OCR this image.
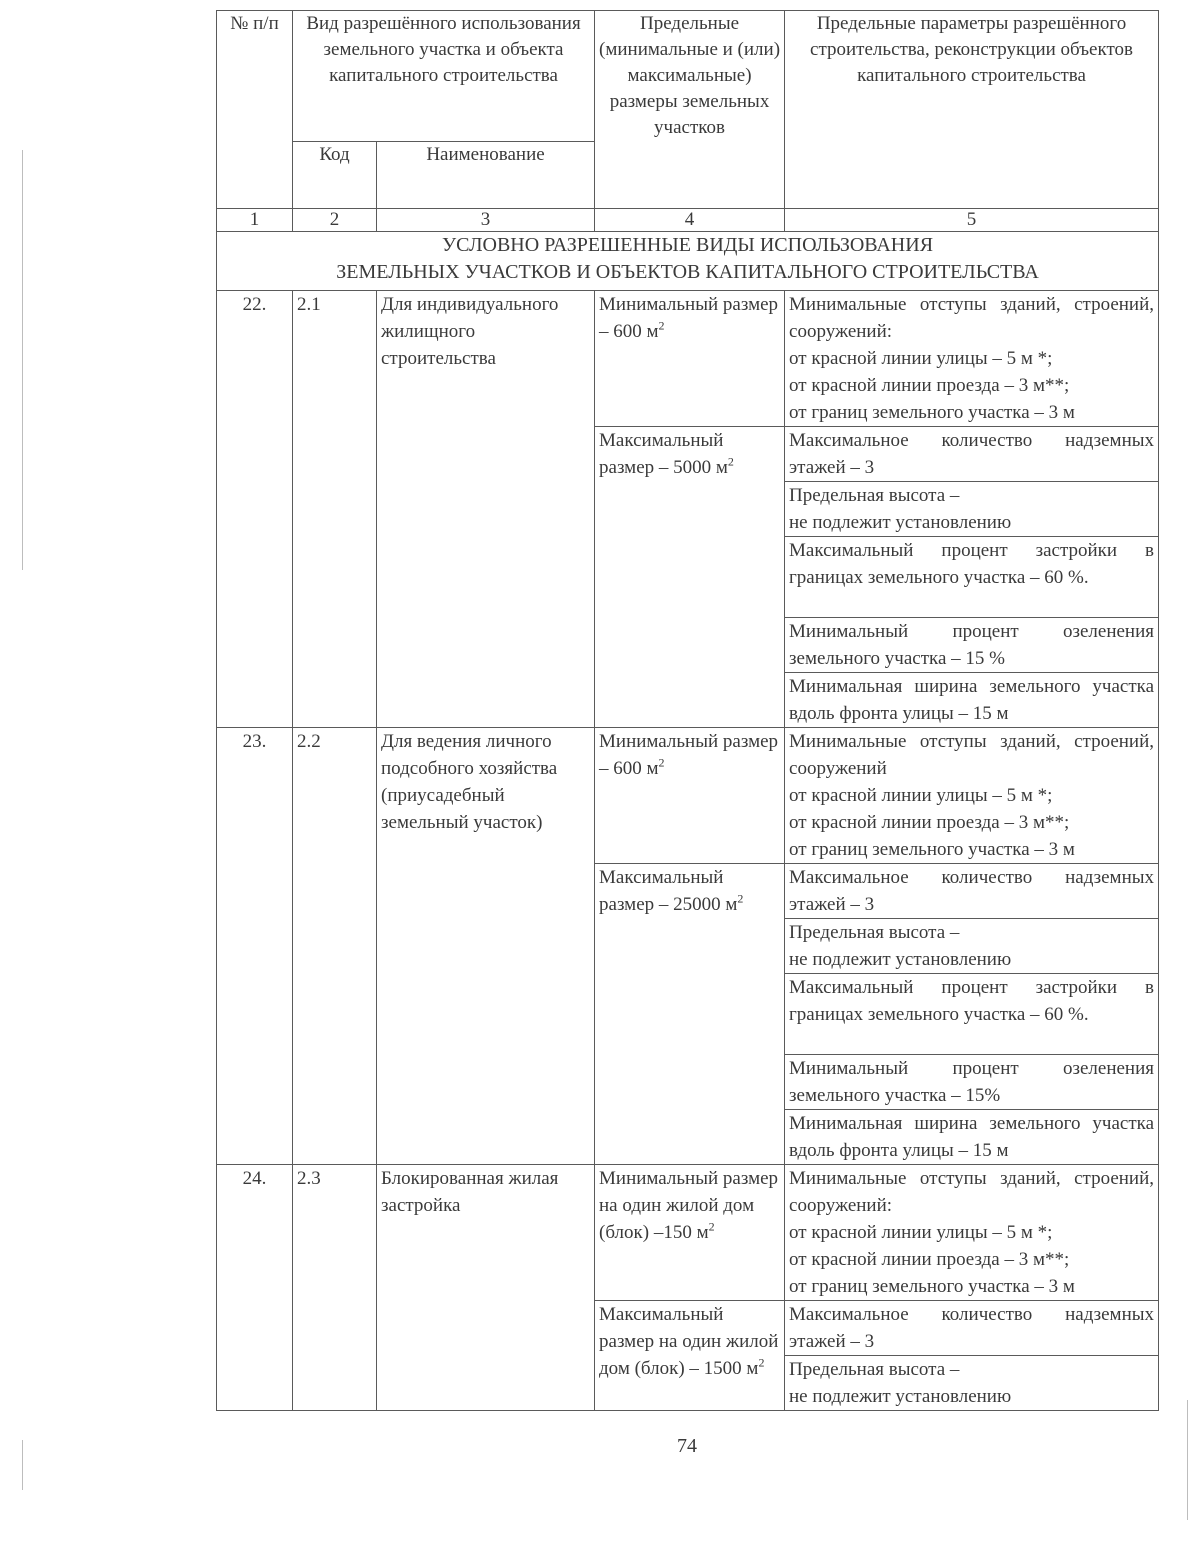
№ п/п	Вид разрешённого использования земельного участка и объекта капитального строительства		Предельные (минимальные и (или) максимальные) размеры земельных участков	Предельные параметры разрешённого строительства, реконструкции объектов капитального строительства
	Код	Наименование		
1	2	3	4	5

УСЛОВНО РАЗРЕШЕННЫЕ ВИДЫ ИСПОЛЬЗОВАНИЯ
ЗЕМЕЛЬНЫХ УЧАСТКОВ И ОБЪЕКТОВ КАПИТАЛЬНОГО СТРОИТЕЛЬСТВА				

22.	2.1	Для индивидуального жилищного строительства	Минимальный размер – 600 $м^2$	Минимальные отступы зданий, строений, сооружений:
от красной линии улицы – 5 м *;
от красной линии проезда – 3 м**;
от границ земельного участка – 3 м

			Максимальный размер – 5000 $м^2$	Максимальное количество надземных этажей – 3

				Предельная высота –
не подлежит установлению

				Максимальный процент застройки в границах земельного участка – 60 %.
				Минимальный процент озеленения земельного участка – 15 %
				Минимальная ширина земельного участка вдоль фронта улицы – 15 м
23.	2.2	Для ведения личного подсобного хозяйства (приусадебный земельный участок)	Минимальный размер – 600 $м^2$	Минимальные отступы зданий, строений, сооружений
от красной линии улицы – 5 м *;
от красной линии проезда – 3 м**;
от границ земельного участка – 3 м

			Максимальный размер – 25000 $м^2$	Максимальное количество надземных этажей – 3

				Предельная высота –
не подлежит установлению

				Максимальный процент застройки в границах земельного участка – 60 %.
				Минимальный процент озеленения земельного участка – 15%
				Минимальная ширина земельного участка вдоль фронта улицы – 15 м
24.	2.3	Блокированная жилая застройка	Минимальный размер на один жилой дом (блок) –150 $м^2$	Минимальные отступы зданий, строений, сооружений:
от красной линии улицы – 5 м *;
от красной линии проезда – 3 м**;
от границ земельного участка – 3 м

			Максимальный размер на один жилой дом (блок) – 1500 $м^2$	Максимальное количество надземных этажей – 3

				Предельная высота –
не подлежит установлению
74
